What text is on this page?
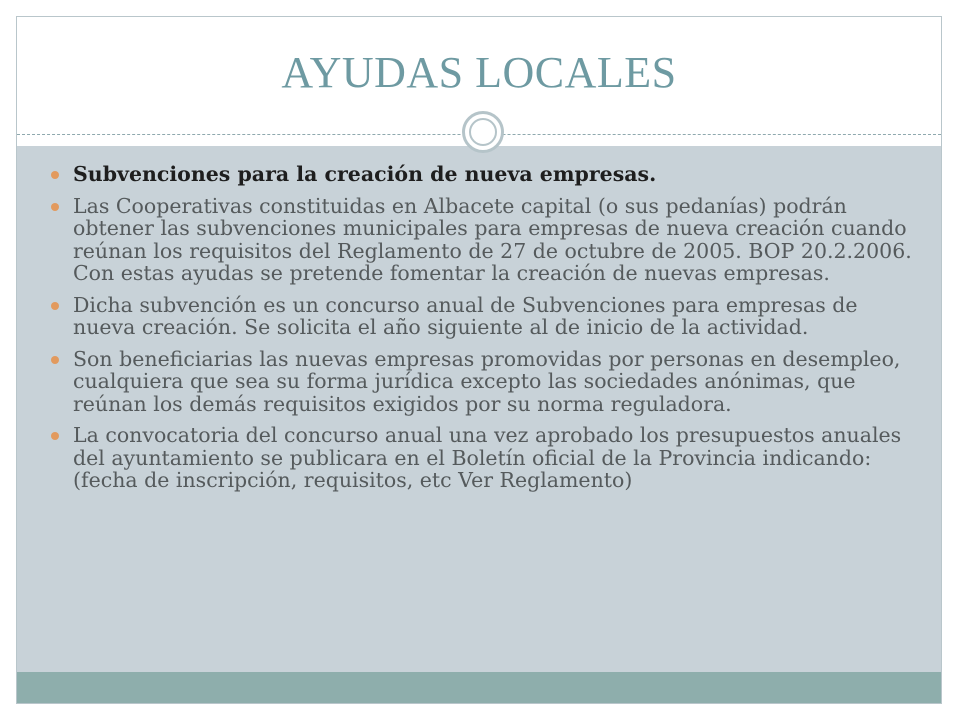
AYUDAS LOCALES
Subvenciones para la creación de nueva empresas.
Las Cooperativas constituidas en Albacete capital (o sus pedanías) podrán obtener las subvenciones municipales para empresas de nueva creación cuando reúnan los requisitos del Reglamento de 27 de octubre de 2005. BOP 20.2.2006. Con estas ayudas se pretende fomentar la creación de nuevas empresas.
Dicha subvención es un concurso anual de Subvenciones para empresas de nueva creación. Se solicita el año siguiente al de inicio de la actividad.
Son beneficiarias las nuevas empresas promovidas por personas en desempleo, cualquiera que sea su forma jurídica excepto las sociedades anónimas, que reúnan los demás requisitos exigidos por su norma reguladora.
La convocatoria del concurso anual una vez aprobado los presupuestos anuales del ayuntamiento se publicara en el Boletín oficial de la Provincia indicando:(fecha de inscripción, requisitos, etc Ver Reglamento)
